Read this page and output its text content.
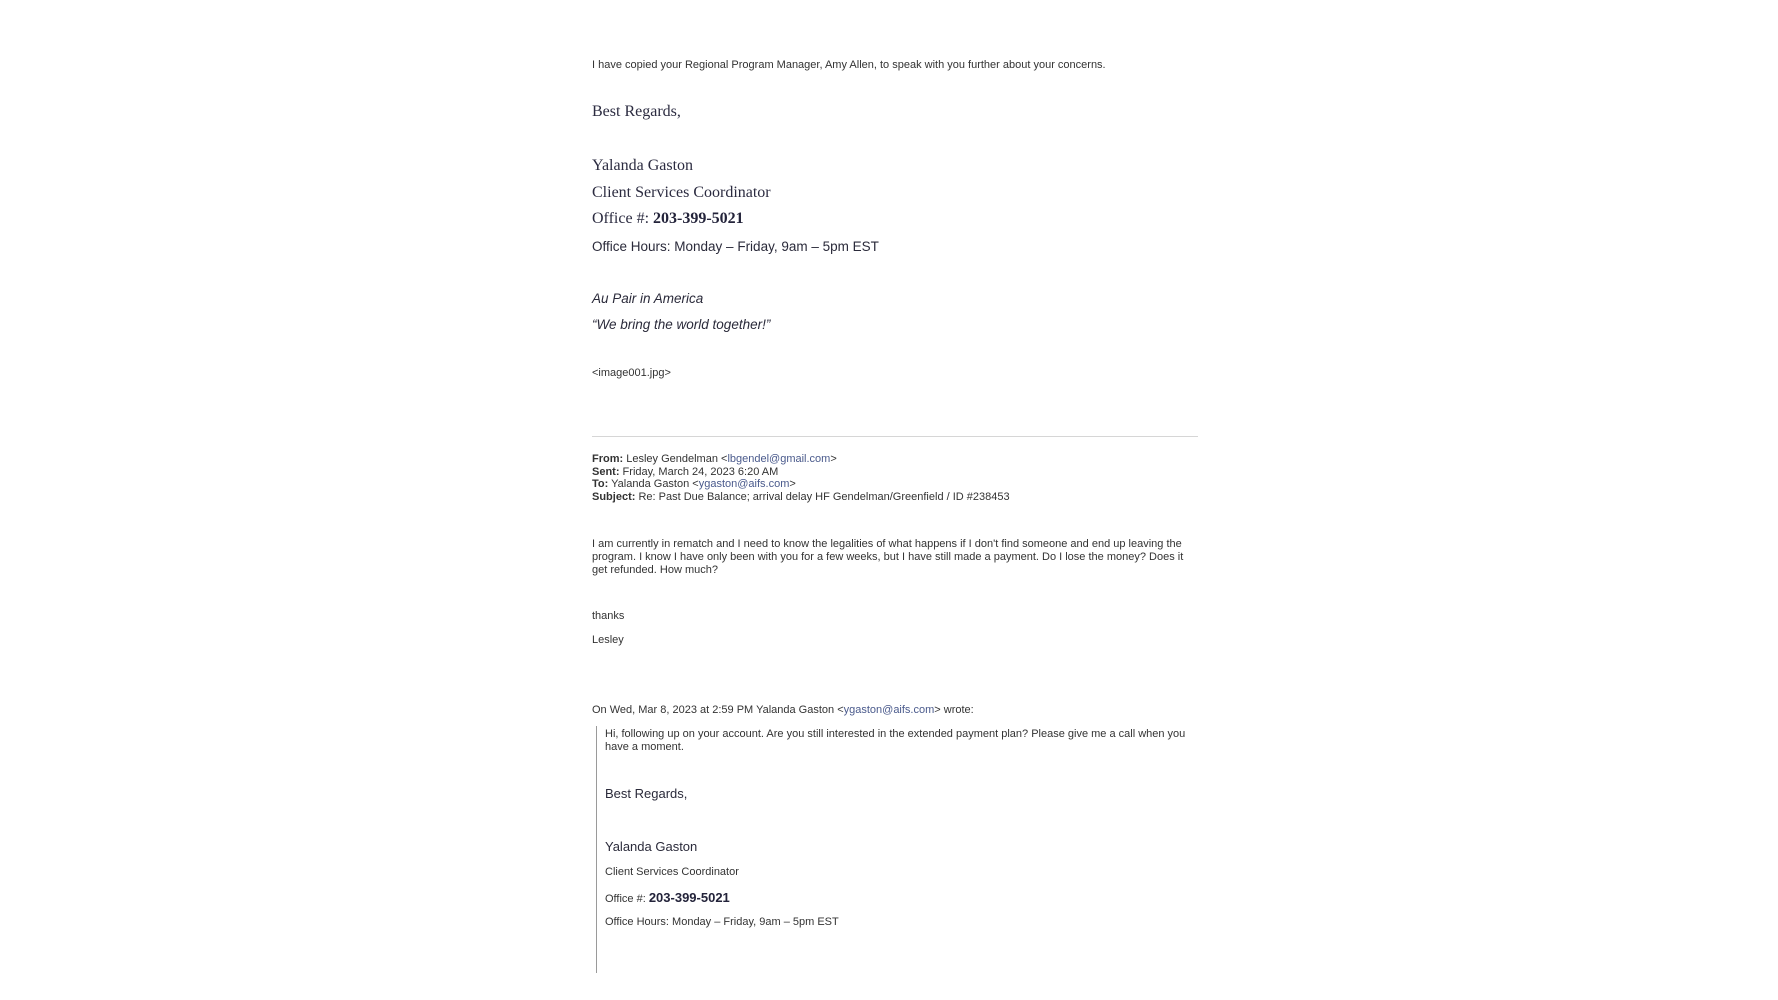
I have copied your Regional Program Manager, Amy Allen, to speak with you further about your concerns.
Best Regards,
Yalanda Gaston
Client Services Coordinator
Office #: 203-399-5021
Office Hours: Monday – Friday, 9am – 5pm EST
Au Pair in America
“We bring the world together!”
<image001.jpg>
From: Lesley Gendelman <lbgendel@gmail.com>
Sent: Friday, March 24, 2023 6:20 AM
To: Yalanda Gaston <ygaston@aifs.com>
Subject: Re: Past Due Balance; arrival delay HF Gendelman/Greenfield / ID #238453
I am currently in rematch and I need to know the legalities of what happens if I don't find someone and end up leaving the program. I know I have only been with you for a few weeks, but I have still made a payment. Do I lose the money? Does it get refunded. How much?
thanks
Lesley
On Wed, Mar 8, 2023 at 2:59 PM Yalanda Gaston <ygaston@aifs.com> wrote:
Hi, following up on your account. Are you still interested in the extended payment plan? Please give me a call when you have a moment.
Best Regards,
Yalanda Gaston
Client Services Coordinator
Office #: 203-399-5021
Office Hours: Monday – Friday, 9am – 5pm EST
